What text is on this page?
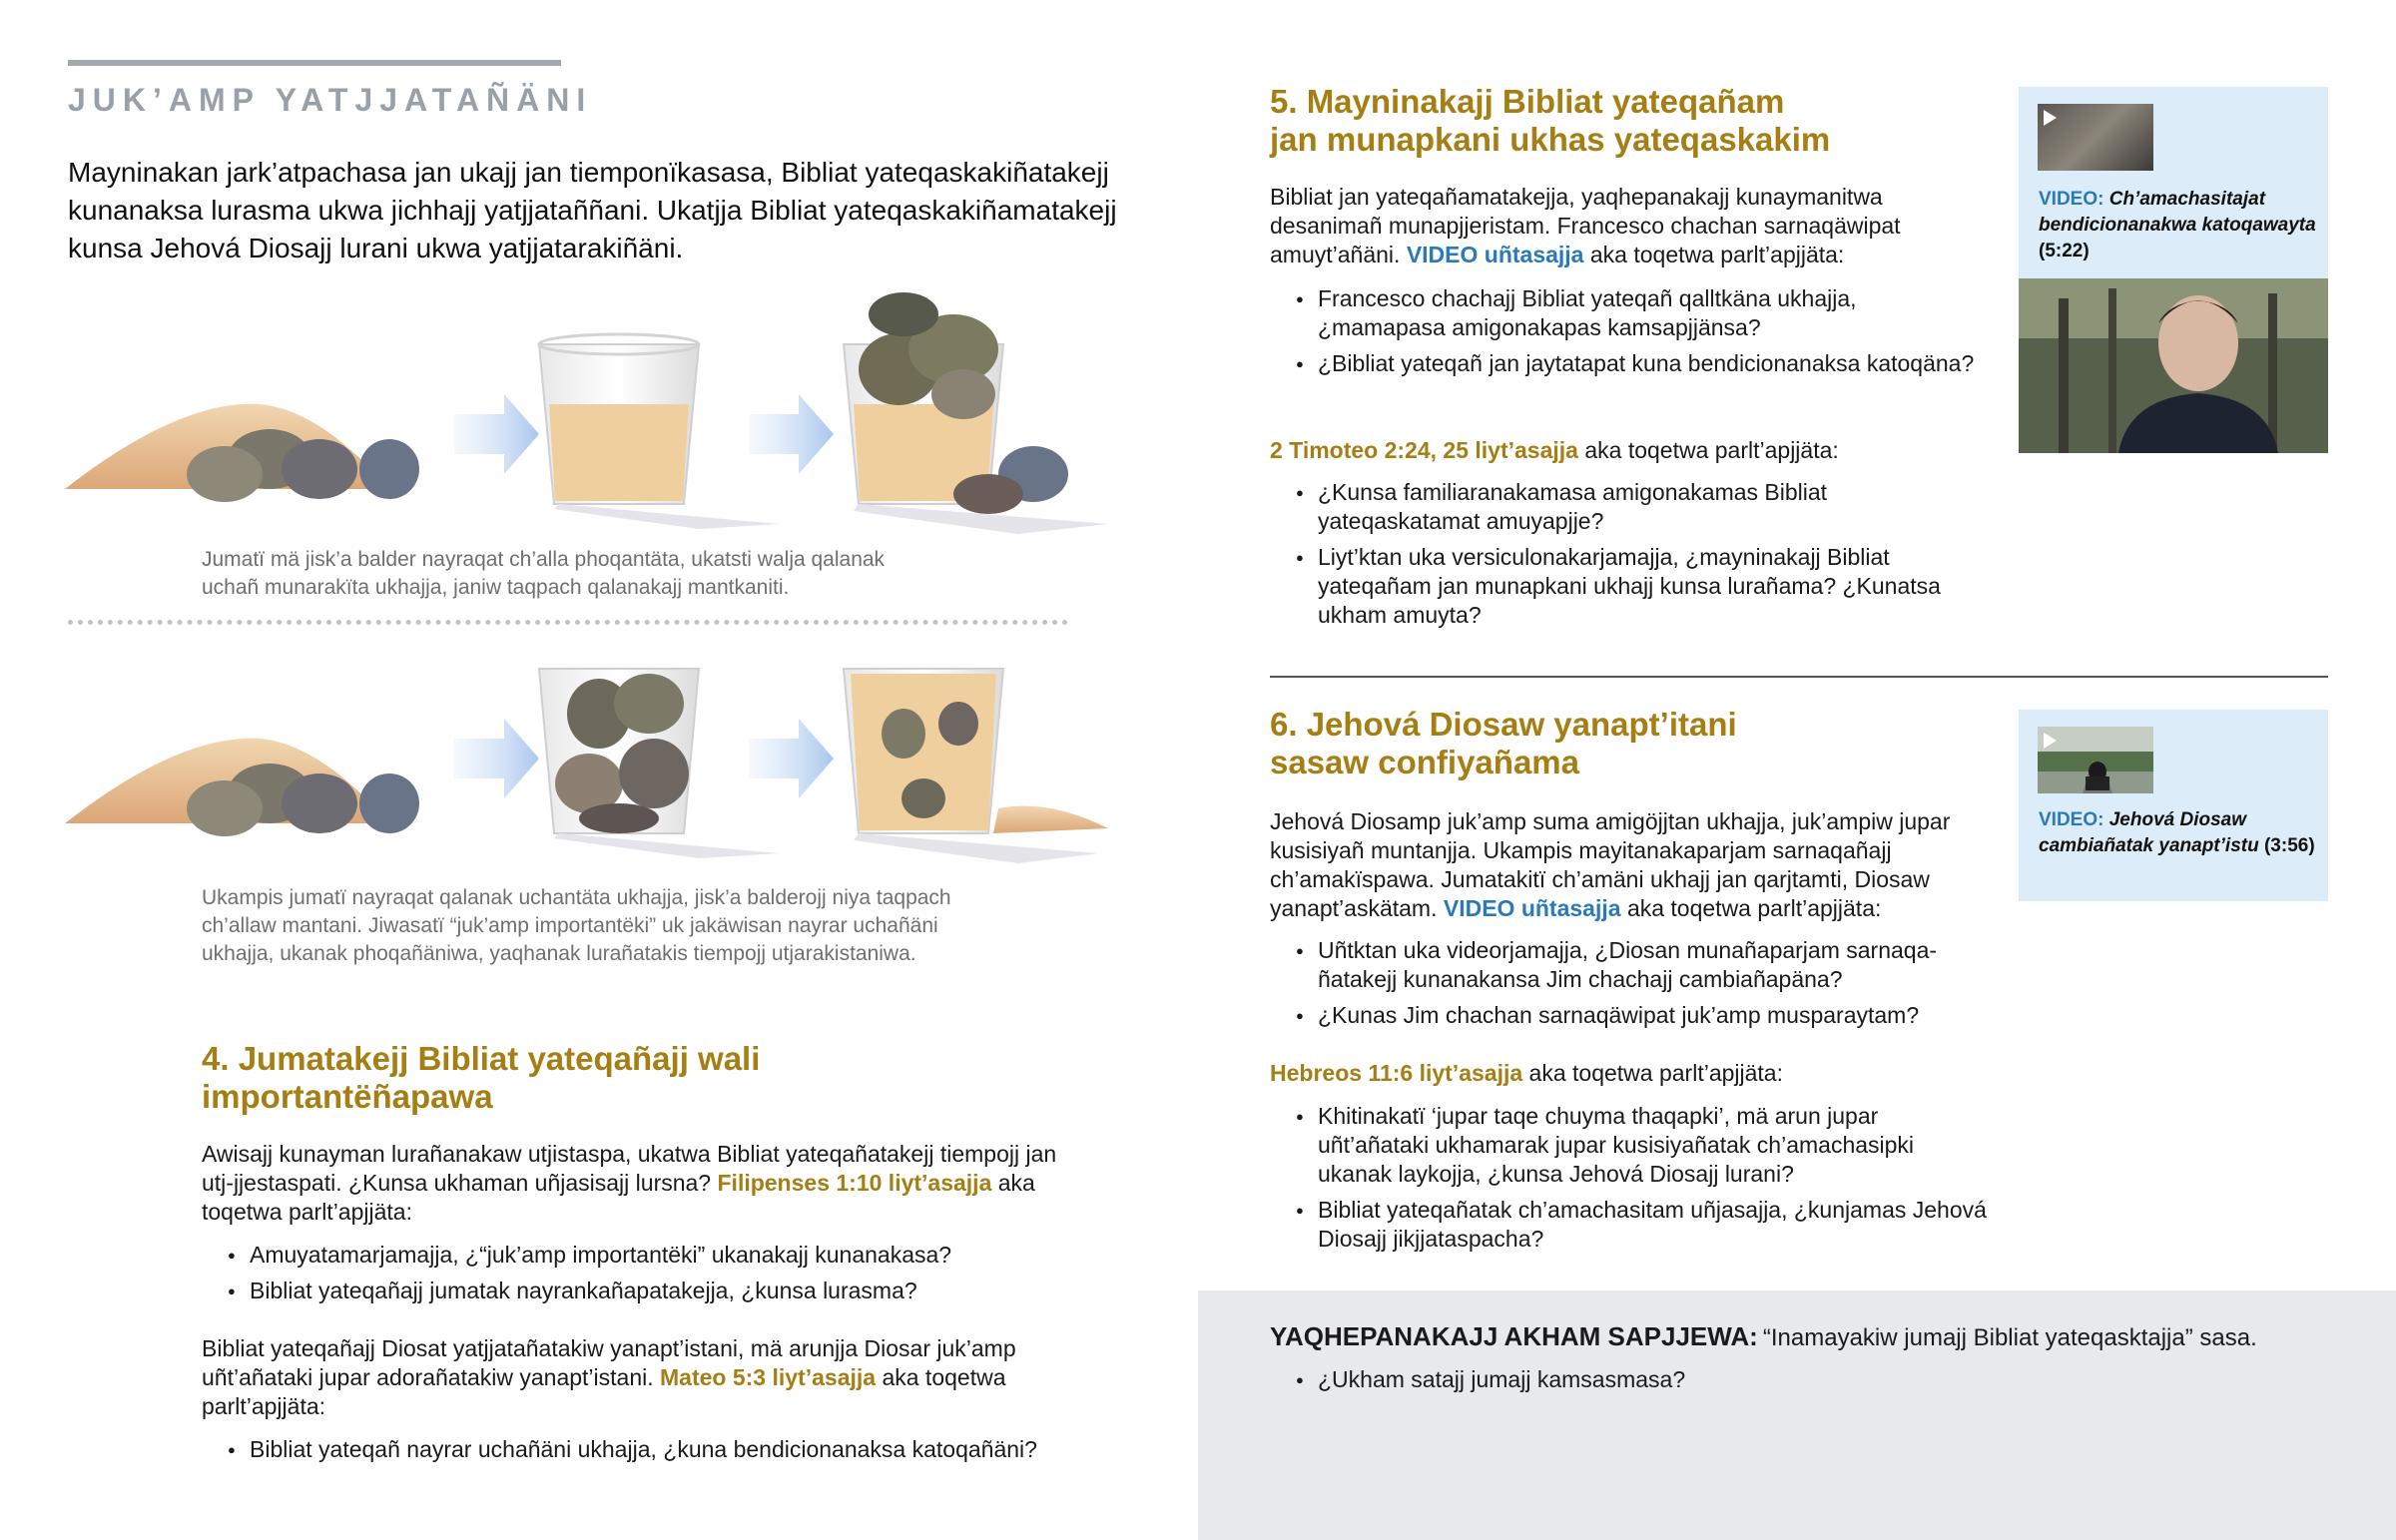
JUK’AMP YATJJATAÑÄNI
Mayninakan jark’atpachasa jan ukajj jan tiemponïkasasa, Bibliat yateqaskakiñatakejj kunanaksa lurasma ukwa jichhajj yatjjataññani. Ukatjja Bibliat yateqaskakiñamatakejj kunsa Jehová Diosajj lurani ukwa yatjjatarakiñäni.
Jumatï mä jisk’a balder nayraqat ch’alla phoqantäta, ukatsti walja qalanak
uchañ munarakïta ukhajja, janiw taqpach qalanakajj mantkaniti.
Ukampis jumatï nayraqat qalanak uchantäta ukhajja, jisk’a balderojj niya taqpach
ch’allaw mantani. Jiwasatï “juk’amp importantëki” uk jakäwisan nayrar uchañäni
ukhajja, ukanak phoqañäniwa, yaqhanak lurañatakis tiempojj utjarakistaniwa.
4. Jumatakejj Bibliat yateqañajj wali
importantëñapawa
Awisajj kunayman lurañanakaw utjistaspa, ukatwa Bibliat yateqañatakejj tiempojj jan utj-jjestaspati. ¿Kunsa ukhaman uñjasisajj lursna? Filipenses 1:10 liyt’asajja aka toqetwa parlt’apjjäta:
● Amuyatamarjamajja, ¿“juk’amp importantëki” ukanakajj kunanakasa?
● Bibliat yateqañajj jumatak nayrankañapatakejja, ¿kunsa lurasma?
Bibliat yateqañajj Diosat yatjjatañatakiw yanapt’istani, mä arunjja Diosar juk’amp uñt’añataki jupar adorañatakiw yanapt’istani. Mateo 5:3 liyt’asajja aka toqetwa parlt’apjjäta:
● Bibliat yateqañ nayrar uchañäni ukhajja, ¿kuna bendicionanaksa katoqañäni?
5. Mayninakajj Bibliat yateqañam
jan munapkani ukhas yateqaskakim
Bibliat jan yateqañamatakejja, yaqhepanakajj kunaymanitwa desanimañ munapjjeristam. Francesco chachan sarnaqäwipat amuyt’añäni. VIDEO uñtasajja aka toqetwa parlt’apjjäta:
● Francesco chachajj Bibliat yateqañ qalltkäna ukhajja, ¿mamapasa amigonakapas kamsapjjänsa?
● ¿Bibliat yateqañ jan jaytatapat kuna bendicionanaksa katoqäna?
2 Timoteo 2:24, 25 liyt’asajja aka toqetwa parlt’apjjäta:
● ¿Kunsa familiaranakamasa amigonakamas Bibliat yateqaskatamat amuyapjje?
● Liyt’ktan uka versiculonakarjamajja, ¿mayninakajj Bibliat yateqañam jan munapkani ukhajj kunsa lurañama? ¿Kunatsa ukham amuyta?
VIDEO: Ch’amachasitajat bendicionanakwa katoqawayta (5:22)
6. Jehová Diosaw yanapt’itani
sasaw confiyañama
Jehová Diosamp juk’amp suma amigöjjtan ukhajja, juk’ampiw jupar kusisiyañ muntanjja. Ukampis mayitanakaparjam sarnaqañajj ch’amakïspawa. Jumatakitï ch’amäni ukhajj jan qarjtamti, Diosaw yanapt’askätam. VIDEO uñtasajja aka toqetwa parlt’apjjäta:
● Uñtktan uka videorjamajja, ¿Diosan munañaparjam sarnaqañatakejj kunanakansa Jim chachajj cambiañapäna?
● ¿Kunas Jim chachan sarnaqäwipat juk’amp musparaytam?
Hebreos 11:6 liyt’asajja aka toqetwa parlt’apjjäta:
● Khitinakatï ‘jupar taqe chuyma thaqapki’, mä arun jupar uñt’añataki ukhamarak jupar kusisiyañatak ch’amachasipki ukanak laykojja, ¿kunsa Jehová Diosajj lurani?
● Bibliat yateqañatak ch’amachasitam uñjasajja, ¿kunjamas Jehová Diosajj jikjjataspacha?
VIDEO: Jehová Diosaw cambiañatak yanapt’istu (3:56)
YAQHEPANAKAJJ AKHAM SAPJJEWA: “Inamayakiw jumajj Bibliat yateqasktajja” sasa.
● ¿Ukham satajj jumajj kamsasmasa?
